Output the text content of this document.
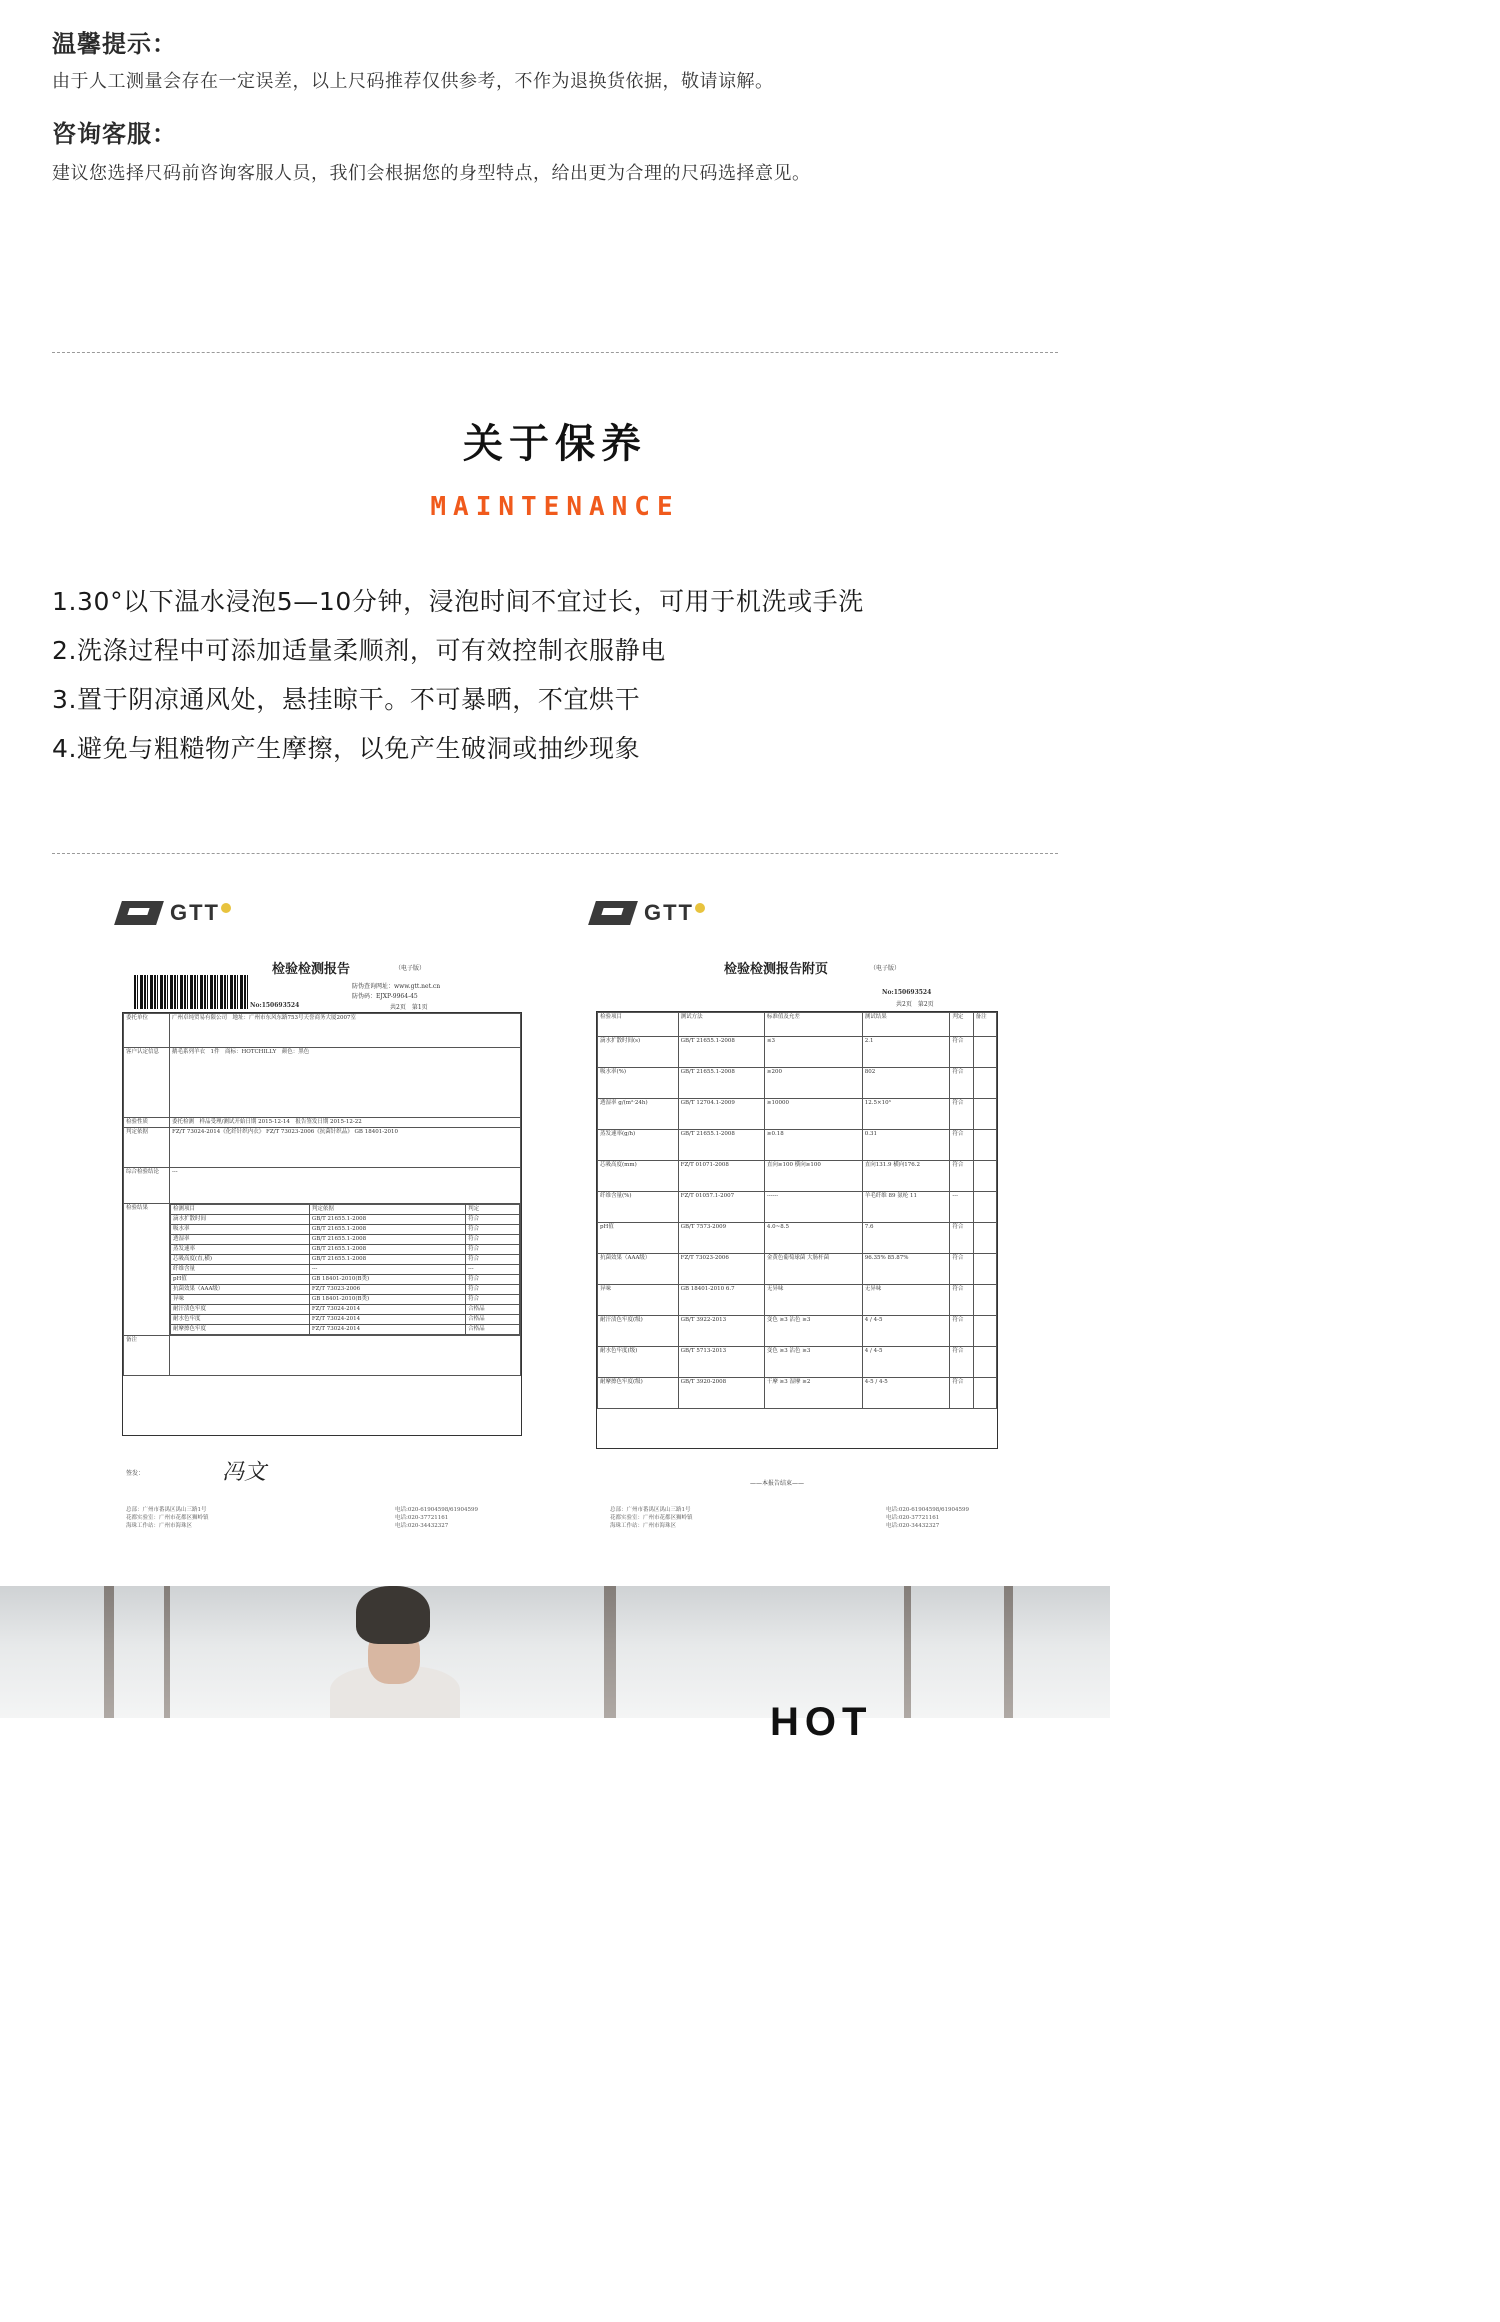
温馨提示：
由于人工测量会存在一定误差，以上尺码推荐仅供参考，不作为退换货依据，敬请谅解。
咨询客服：
建议您选择尺码前咨询客服人员，我们会根据您的身型特点，给出更为合理的尺码选择意见。
关于保养
MAINTENANCE
1.30°以下温水浸泡5—10分钟，浸泡时间不宜过长，可用于机洗或手洗
2.洗涤过程中可添加适量柔顺剂，可有效控制衣服静电
3.置于阴凉通风处，悬挂晾干。不可暴晒，不宜烘干
4.避免与粗糙物产生摩擦，以免产生破洞或抽纱现象
GTT
检验检测报告	（电子版）
防伪查询网址：www.gtt.net.cn
防伪码：EJXP-9964-45
共2页　第1页
No:150693524
委托单位	广州卓纯贸易有限公司　地址：广州市东风东路753号天誉商务大厦2007室
客户认定信息	鹅毛系列羊衣　1件　商标：HOTCHILLY　颜色：黑色
检验性质	委托检测　样品受理/测试开始日期 2015-12-14　报告签发日期 2015-12-22
判定依据	FZ/T 73024-2014《化纤针织内衣》 FZ/T 73023-2006《抗菌针织品》 GB 18401-2010
综合检验结论	---
检验结果		检测项目	判定依据	判定
滴水扩散时间	GB/T 21655.1-2008	符合
吸水率	GB/T 21655.1-2008	符合
透湿率	GB/T 21655.1-2008	符合
蒸发速率	GB/T 21655.1-2008	符合
芯吸高度(直,横)	GB/T 21655.1-2008	符合
纤维含量	---	---
pH值	GB 18401-2010(B类)	符合
抗菌效果（AAA级）	FZ/T 73023-2006	符合
异味	GB 18401-2010(B类)	符合
耐汗渍色牢度	FZ/T 73024-2014	合格品
耐水色牢度	FZ/T 73024-2014	合格品
耐摩擦色牢度	FZ/T 73024-2014	合格品

备注	
签发：	冯文
总部：广州市番禺区禺山三路1号
花都实验室：广州市花都区狮岭镇
海珠工作站：广州市海珠区
电话:020-61904598/61904599
电话:020-37721161
电话:020-34432327
GTT
检验检测报告附页	（电子版）
No:150693524
共2页　第2页
检验项目	测试方法	标准值及允差	测试结果	判定	备注
滴水扩散时间(s)	GB/T 21655.1-2008	≤3	2.1	符合	
吸水率(%)	GB/T 21655.1-2008	≥200	802	符合	
透湿率 g/(m²·24h)	GB/T 12704.1-2009	≥10000	12.5×10³	符合	
蒸发速率(g/h)	GB/T 21655.1-2008	≥0.18	0.31	符合	
芯吸高度(mm)	FZ/T 01071-2008	直向≥100 横向≥100	直向131.9 横向176.2	符合	
纤维含量(%)	FZ/T 01057.1-2007	------	羊毛纤维 89 氨纶 11	---	
pH值	GB/T 7573-2009	4.0~8.5	7.6	符合	
抗菌效果（AAA级）	FZ/T 73023-2006	金黄色葡萄球菌 大肠杆菌	96.35% 85.87%	符合	
异味	GB 18401-2010 6.7	无异味	无异味	符合	
耐汗渍色牢度(级)	GB/T 3922-2013	变色 ≥3 沾色 ≥3	4 / 4-5	符合	
耐水色牢度(级)	GB/T 5713-2013	变色 ≥3 沾色 ≥3	4 / 4-5	符合	
耐摩擦色牢度(级)	GB/T 3920-2008	干摩 ≥3 湿摩 ≥2	4-5 / 4-5	符合	
——本报告结束——
总部：广州市番禺区禺山三路1号
花都实验室：广州市花都区狮岭镇
海珠工作站：广州市海珠区
电话:020-61904598/61904599
电话:020-37721161
电话:020-34432327
HOT
